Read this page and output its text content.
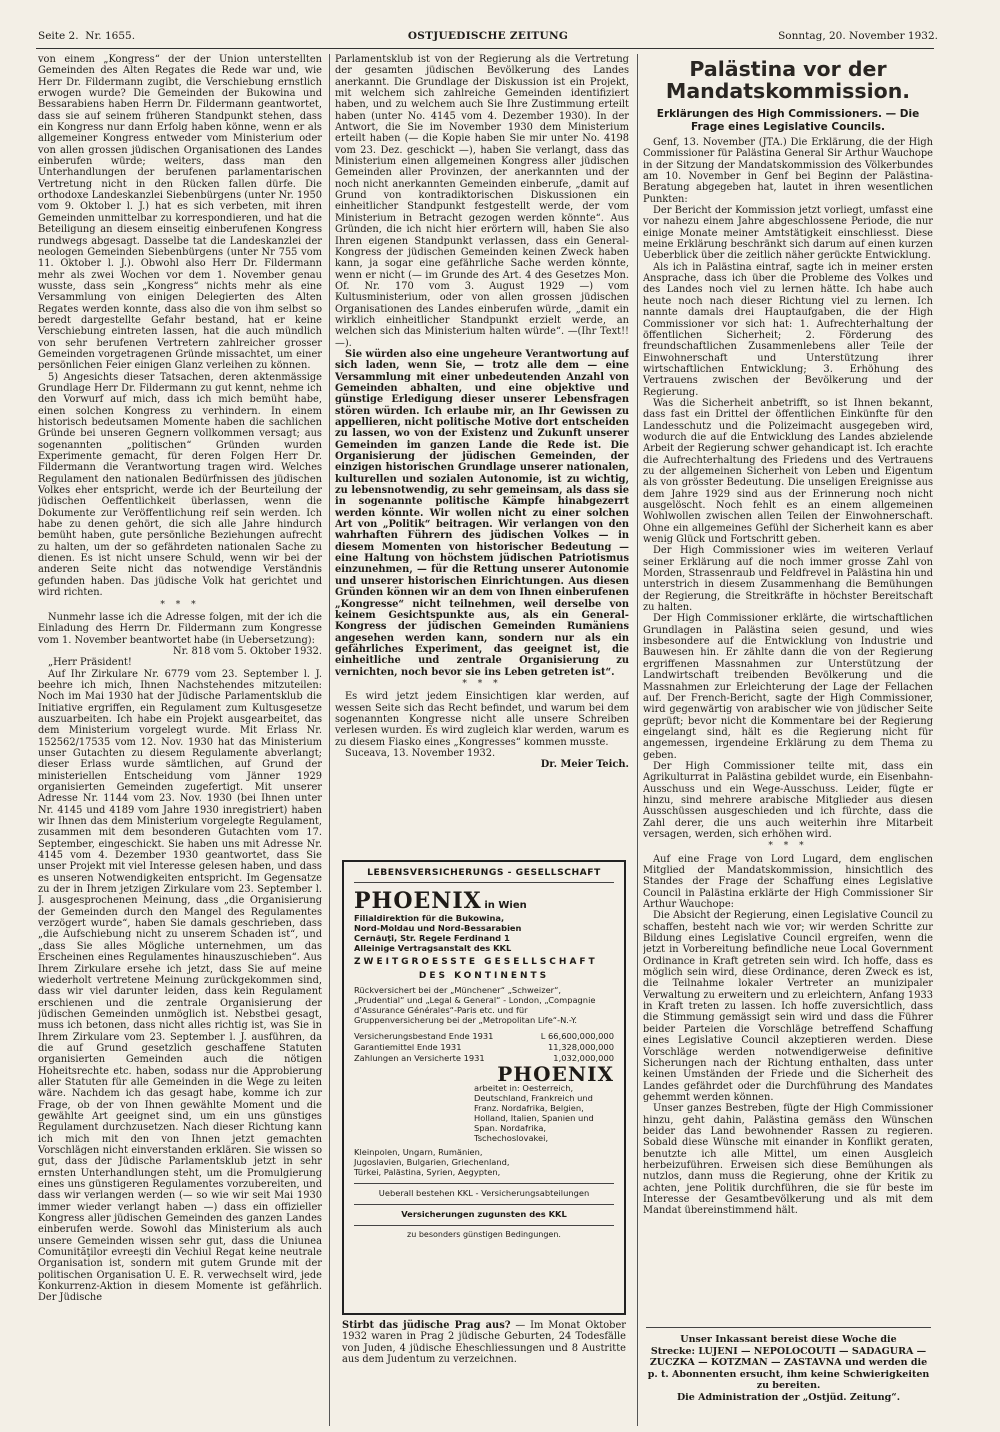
Seite 2. Nr. 1655.	OSTJUEDISCHE ZEITUNG	Sonntag, 20. November 1932.

von einem „Kongress“ der der Union unterstellten Gemeinden des Alten Regates die Rede war und, wie Herr Dr. Fildermann zugibt, die Verschiebung ernstlich erwogen wurde? Die Gemeinden der Bukowina und Bessarabiens haben Herrn Dr. Fildermann geantwortet, dass sie auf seinem früheren Standpunkt stehen, dass ein Kongress nur dann Erfolg haben könne, wenn er als allgemeiner Kongress entweder vom Ministerium oder von allen grossen jüdischen Organisationen des Landes einberufen würde; weiters, dass man den Unterhandlungen der berufenen parlamentarischen Vertretung nicht in den Rücken fallen dürfe. Die orthodoxe Landeskanzlei Siebenbürgens (unter Nr. 1950 vom 9. Oktober l. J.) hat es sich verbeten, mit ihren Gemeinden unmittelbar zu korrespondieren, und hat die Beteiligung an diesem einseitig einberufenen Kongress rundwegs abgesagt. Dasselbe tat die Landeskanzlei der neologen Gemeinden Siebenbürgens (unter Nr 755 vom 11. Oktober l. J.). Obwohl also Herr Dr. Fildermann mehr als zwei Wochen vor dem 1. November genau wusste, dass sein „Kongress“ nichts mehr als eine Versammlung von einigen Delegierten des Alten Regates werden konnte, dass also die von ihm selbst so beredt dargestellte Gefahr bestand, hat er keine Verschiebung eintreten lassen, hat die auch mündlich von sehr berufenen Vertretern zahlreicher grosser Gemeinden vorgetragenen Gründe missachtet, um einer persönlichen Feier einigen Glanz verleihen zu können.

5) Angesichts dieser Tatsachen, deren aktenmässige Grundlage Herr Dr. Fildermann zu gut kennt, nehme ich den Vorwurf auf mich, dass ich mich bemüht habe, einen solchen Kongress zu verhindern. In einem historisch bedeutsamen Momente haben die sachlichen Gründe bei unseren Gegnern vollkommen versagt; aus sogenannten „politischen“ Gründen wurden Experimente gemacht, für deren Folgen Herr Dr. Fildermann die Verantwortung tragen wird. Welches Regulament den nationalen Bedürfnissen des jüdischen Volkes eher entspricht, werde ich der Beurteilung der jüdischen Oeffentlichkeit überlassen, wenn die Dokumente zur Veröffentlichung reif sein werden. Ich habe zu denen gehört, die sich alle Jahre hindurch bemüht haben, gute persönliche Beziehungen aufrecht zu halten, um der so gefährdeten nationalen Sache zu dienen. Es ist nicht unsere Schuld, wenn wir bei der anderen Seite nicht das notwendige Verständnis gefunden haben. Das jüdische Volk hat gerichtet und wird richten.

* * *

Nunmehr lasse ich die Adresse folgen, mit der ich die Einladung des Herrn Dr. Fildermann zum Kongresse vom 1. November beantwortet habe (in Uebersetzung):

Nr. 818 vom 5. Oktober 1932.

„Herr Präsident!

Auf Ihr Zirkulare Nr. 6779 vom 23. September l. J. beehre ich mich, Ihnen Nachstehendes mitzuteilen: Noch im Mai 1930 hat der Jüdische Parlamentsklub die Initiative ergriffen, ein Regulament zum Kultusgesetze auszuarbeiten. Ich habe ein Projekt ausgearbeitet, das dem Ministerium vorgelegt wurde. Mit Erlass Nr. 152562/17535 vom 12. Nov. 1930 hat das Ministerium unser Gutachten zu diesem Regulamente abverlangt; dieser Erlass wurde sämtlichen, auf Grund der ministeriellen Entscheidung vom Jänner 1929 organisierten Gemeinden zugefertigt. Mit unserer Adresse Nr. 1144 vom 23. Nov. 1930 (bei Ihnen unter Nr. 4145 und 4189 vom Jahre 1930 inregistriert) haben wir Ihnen das dem Ministerium vorgelegte Regulament, zusammen mit dem besonderen Gutachten vom 17. September, eingeschickt. Sie haben uns mit Adresse Nr. 4145 vom 4. Dezember 1930 geantwortet, dass Sie unser Projekt mit viel Interesse gelesen haben, und dass es unseren Notwendigkeiten entspricht. Im Gegensatze zu der in Ihrem jetzigen Zirkulare vom 23. September l. J. ausgesprochenen Meinung, dass „die Organisierung der Gemeinden durch den Mangel des Regulamentes verzögert wurde“, haben Sie damals geschrieben, dass „die Aufschiebung nicht zu unserem Schaden ist“, und „dass Sie alles Mögliche unternehmen, um das Erscheinen eines Regulamentes hinauszuschieben“. Aus Ihrem Zirkulare ersehe ich jetzt, dass Sie auf meine wiederholt vertretene Meinung zurückgekommen sind, dass wir viel darunter leiden, dass kein Regulament erschienen und die zentrale Organisierung der jüdischen Gemeinden unmöglich ist. Nebstbei gesagt, muss ich betonen, dass nicht alles richtig ist, was Sie in Ihrem Zirkulare vom 23. September l. J. ausführen, da die auf Grund gesetzlich geschaffene Statuten organisierten Gemeinden auch die nötigen Hoheitsrechte etc. haben, sodass nur die Approbierung aller Statuten für alle Gemeinden in die Wege zu leiten wäre. Nachdem ich das gesagt habe, komme ich zur Frage, ob der von Ihnen gewählte Moment und die gewählte Art geeignet sind, um ein uns günstiges Regulament durchzusetzen. Nach dieser Richtung kann ich mich mit den von Ihnen jetzt gemachten Vorschlägen nicht einverstanden erklären. Sie wissen so gut, dass der Jüdische Parlamentsklub jetzt in sehr ernsten Unterhandlungen steht, um die Promulgierung eines uns günstigeren Regulamentes vorzubereiten, und dass wir verlangen werden (— so wie wir seit Mai 1930 immer wieder verlangt haben —) dass ein offizieller Kongress aller jüdischen Gemeinden des ganzen Landes einberufen werde. Sowohl das Ministerium als auch unsere Gemeinden wissen sehr gut, dass die Uniunea Comunităţilor evreeşti din Vechiul Regat keine neutrale Organisation ist, sondern mit gutem Grunde mit der politischen Organisation U. E. R. verwechselt wird, jede Konkurrenz-Aktion in diesem Momente ist gefährlich. Der Jüdische

Parlamentsklub ist von der Regierung als die Vertretung der gesamten jüdischen Bevölkerung des Landes anerkannt. Die Grundlage der Diskussion ist ein Projekt, mit welchem sich zahlreiche Gemeinden identifiziert haben, und zu welchem auch Sie Ihre Zustimmung erteilt haben (unter No. 4145 vom 4. Dezember 1930). In der Antwort, die Sie im November 1930 dem Ministerium erteilt haben (— die Kopie haben Sie mir unter No. 4198 vom 23. Dez. geschickt —), haben Sie verlangt, dass das Ministerium einen allgemeinen Kongress aller jüdischen Gemeinden aller Provinzen, der anerkannten und der noch nicht anerkannten Gemeinden einberufe, „damit auf Grund von kontradiktorischen Diskussionen ein einheitlicher Standpunkt festgestellt werde, der vom Ministerium in Betracht gezogen werden könnte“. Aus Gründen, die ich nicht hier erörtern will, haben Sie also Ihren eigenen Standpunkt verlassen, dass ein General-Kongress der jüdischen Gemeinden keinen Zweck haben kann, ja sogar eine gefährliche Sache werden könnte, wenn er nicht (— im Grunde des Art. 4 des Gesetzes Mon. Of. Nr. 170 vom 3. August 1929 —) vom Kultusministerium, oder von allen grossen jüdischen Organisationen des Landes einberufen würde, „damit ein wirklich einheitlicher Standpunkt erzielt werde, an welchen sich das Ministerium halten würde“. —(Ihr Text!! —).

Sie würden also eine ungeheure Verantwortung auf sich laden, wenn Sie, — trotz alle dem — eine Versammlung mit einer unbedeutenden Anzahl von Gemeinden abhalten, und eine objektive und günstige Erledigung dieser unserer Lebensfragen stören würden. Ich erlaube mir, an Ihr Gewissen zu appellieren, nicht politische Motive dort entscheiden zu lassen, wo von der Existenz und Zukunft unserer Gemeinden im ganzen Lande die Rede ist. Die Organisierung der jüdischen Gemeinden, der einzigen historischen Grundlage unserer nationalen, kulturellen und sozialen Autonomie, ist zu wichtig, zu lebensnotwendig, zu sehr gemeinsam, als dass sie in sogenannte politische Kämpfe hinabgezerrt werden könnte. Wir wollen nicht zu einer solchen Art von „Politik“ beitragen. Wir verlangen von den wahrhaften Führern des jüdischen Volkes — in diesem Momenten von historischer Bedeutung — eine Haltung von höchstem jüdischen Patriotismus einzunehmen, — für die Rettung unserer Autonomie und unserer historischen Einrichtungen. Aus diesen Gründen können wir an dem von Ihnen einberufenen „Kongresse“ nicht teilnehmen, weil derselbe von keinem Gesichtspunkte aus, als ein General-Kongress der jüdischen Gemeinden Rumäniens angesehen werden kann, sondern nur als ein gefährliches Experiment, das geeignet ist, die einheitliche und zentrale Organisierung zu vernichten, noch bevor sie ins Leben getreten ist“.

* * *

Es wird jetzt jedem Einsichtigen klar werden, auf wessen Seite sich das Recht befindet, und warum bei dem sogenannten Kongresse nicht alle unsere Schreiben verlesen wurden. Es wird zugleich klar werden, warum es zu diesem Fiasko eines „Kongresses“ kommen musste.

Suceava, 13. November 1932.

Dr. Meier Teich.
LEBENSVERSICHERUNGS - GESELLSCHAFT
PHOENIX in Wien
Filialdirektion für die Bukowina,
Nord-Moldau und Nord-Bessarabien
Cernăuţi, Str. Regele Ferdinand 1
Alleinige Vertragsanstalt des KKL
ZWEITGROESSTE GESELLSCHAFT
DES KONTINENTS
Rückversichert bei der „Münchener“ „Schweizer“, „Prudential“ und „Legal & General“ - London, „Compagnie d’Assurance Générales“-Paris etc. und für Gruppenversicherung bei der „Metropolitan Life“-N.-Y.
Versicherungsbestand Ende 1931	L 66,600,000,000
Garantiemittel Ende 1931	11,328,000,000
Zahlungen an Versicherte 1931	1,032,000,000
PHOENIX
arbeitet in: Oesterreich, Deutschland, Frankreich und Franz. Nordafrika, Belgien, Holland, Italien, Spanien und Span. Nordafrika, Tschechoslovakei,
Kleinpolen, Ungarn, Rumänien, Jugoslavien, Bulgarien, Griechenland, Türkei, Palästina, Syrien, Aegypten,
Ueberall bestehen KKL - Versicherungsabteilungen
Versicherungen zugunsten des KKL
zu besonders günstigen Bedingungen.
Stirbt das jüdische Prag aus? — Im Monat Oktober 1932 waren in Prag 2 jüdische Geburten, 24 Todesfälle von Juden, 4 jüdische Eheschliessungen und 8 Austritte aus dem Judentum zu verzeichnen.
Palästina vor der Mandatskommission.
Erklärungen des High Commissioners. — Die Frage eines Legislative Councils.

Genf, 13. November (JTA.) Die Erklärung, die der High Commissioner für Palästina General Sir Arthur Wauchope in der Sitzung der Mandatskommission des Völkerbundes am 10. November in Genf bei Beginn der Palästina-Beratung abgegeben hat, lautet in ihren wesentlichen Punkten:

Der Bericht der Kommission jetzt vorliegt, umfasst eine vor nahezu einem Jahre abgeschlossene Periode, die nur einige Monate meiner Amtstätigkeit einschliesst. Diese meine Erklärung beschränkt sich darum auf einen kurzen Ueberblick über die zeitlich näher gerückte Entwicklung.

Als ich in Palästina eintraf, sagte ich in meiner ersten Ansprache, dass ich über die Probleme des Volkes und des Landes noch viel zu lernen hätte. Ich habe auch heute noch nach dieser Richtung viel zu lernen. Ich nannte damals drei Hauptaufgaben, die der High Commissioner vor sich hat: 1. Aufrechterhaltung der öffentlichen Sicherheit; 2. Förderung des freundschaftlichen Zusammenlebens aller Teile der Einwohnerschaft und Unterstützung ihrer wirtschaftlichen Entwicklung; 3. Erhöhung des Vertrauens zwischen der Bevölkerung und der Regierung.

Was die Sicherheit anbetrifft, so ist Ihnen bekannt, dass fast ein Drittel der öffentlichen Einkünfte für den Landesschutz und die Polizeimacht ausgegeben wird, wodurch die auf die Entwicklung des Landes abzielende Arbeit der Regierung schwer gehandicapt ist. Ich erachte die Aufrechterhaltung des Friedens und des Vertrauens zu der allgemeinen Sicherheit von Leben und Eigentum als von grösster Bedeutung. Die unseligen Ereignisse aus dem Jahre 1929 sind aus der Erinnerung noch nicht ausgelöscht. Noch fehlt es an einem allgemeinen Wohlwollen zwischen allen Teilen der Einwohnerschaft. Ohne ein allgemeines Gefühl der Sicherheit kann es aber wenig Glück und Fortschritt geben.

Der High Commissioner wies im weiteren Verlauf seiner Erklärung auf die noch immer grosse Zahl von Morden, Strassenraub und Feldfrevel in Palästina hin und unterstrich in diesem Zusammenhang die Bemühungen der Regierung, die Streitkräfte in höchster Bereitschaft zu halten.

Der High Commissioner erklärte, die wirtschaftlichen Grundlagen in Palästina seien gesund, und wies insbesondere auf die Entwicklung von Industrie und Bauwesen hin. Er zählte dann die von der Regierung ergriffenen Massnahmen zur Unterstützung der Landwirtschaft treibenden Bevölkerung und die Massnahmen zur Erleichterung der Lage der Fellachen auf. Der French-Bericht, sagte der High Commissioner, wird gegenwärtig von arabischer wie von jüdischer Seite geprüft; bevor nicht die Kommentare bei der Regierung eingelangt sind, hält es die Regierung nicht für angemessen, irgendeine Erklärung zu dem Thema zu geben.

Der High Commissioner teilte mit, dass ein Agrikulturrat in Palästina gebildet wurde, ein Eisenbahn-Ausschuss und ein Wege-Ausschuss. Leider, fügte er hinzu, sind mehrere arabische Mitglieder aus diesen Ausschüssen ausgeschieden und ich fürchte, dass die Zahl derer, die uns auch weiterhin ihre Mitarbeit versagen, werden, sich erhöhen wird.

* * *

Auf eine Frage von Lord Lugard, dem englischen Mitglied der Mandatskommission, hinsichtlich des Standes der Frage der Schaffung eines Legislative Council in Palästina erklärte der High Commissioner Sir Arthur Wauchope:

Die Absicht der Regierung, einen Legislative Council zu schaffen, besteht nach wie vor; wir werden Schritte zur Bildung eines Legislative Council ergreifen, wenn die jetzt in Vorbereitung befindliche neue Local Government Ordinance in Kraft getreten sein wird. Ich hoffe, dass es möglich sein wird, diese Ordinance, deren Zweck es ist, die Teilnahme lokaler Vertreter an munizipaler Verwaltung zu erweitern und zu erleichtern, Anfang 1933 in Kraft treten zu lassen. Ich hoffe zuversichtlich, dass die Stimmung gemässigt sein wird und dass die Führer beider Parteien die Vorschläge betreffend Schaffung eines Legislative Council akzeptieren werden. Diese Vorschläge werden notwendigerweise definitive Sicherungen nach der Richtung enthalten, dass unter keinen Umständen der Friede und die Sicherheit des Landes gefährdet oder die Durchführung des Mandates gehemmt werden können.

Unser ganzes Bestreben, fügte der High Commissioner hinzu, geht dahin, Palästina gemäss den Wünschen beider das Land bewohnender Rassen zu regieren. Sobald diese Wünsche mit einander in Konflikt geraten, benutzte ich alle Mittel, um einen Ausgleich herbeizuführen. Erweisen sich diese Bemühungen als nutzlos, dann muss die Regierung, ohne der Kritik zu achten, jene Politik durchführen, die sie für beste im Interesse der Gesamtbevölkerung und als mit dem Mandat übereinstimmend hält.

Unser Inkassant bereist diese Woche die
Strecke: LUJENI — NEPOLOCOUTI — SADAGURA — ZUCZKA — KOTZMAN — ZASTAVNA und werden die p. t. Abonnenten ersucht, ihm keine Schwierigkeiten zu bereiten.
Die Administration der „Ostjüd. Zeitung“.
